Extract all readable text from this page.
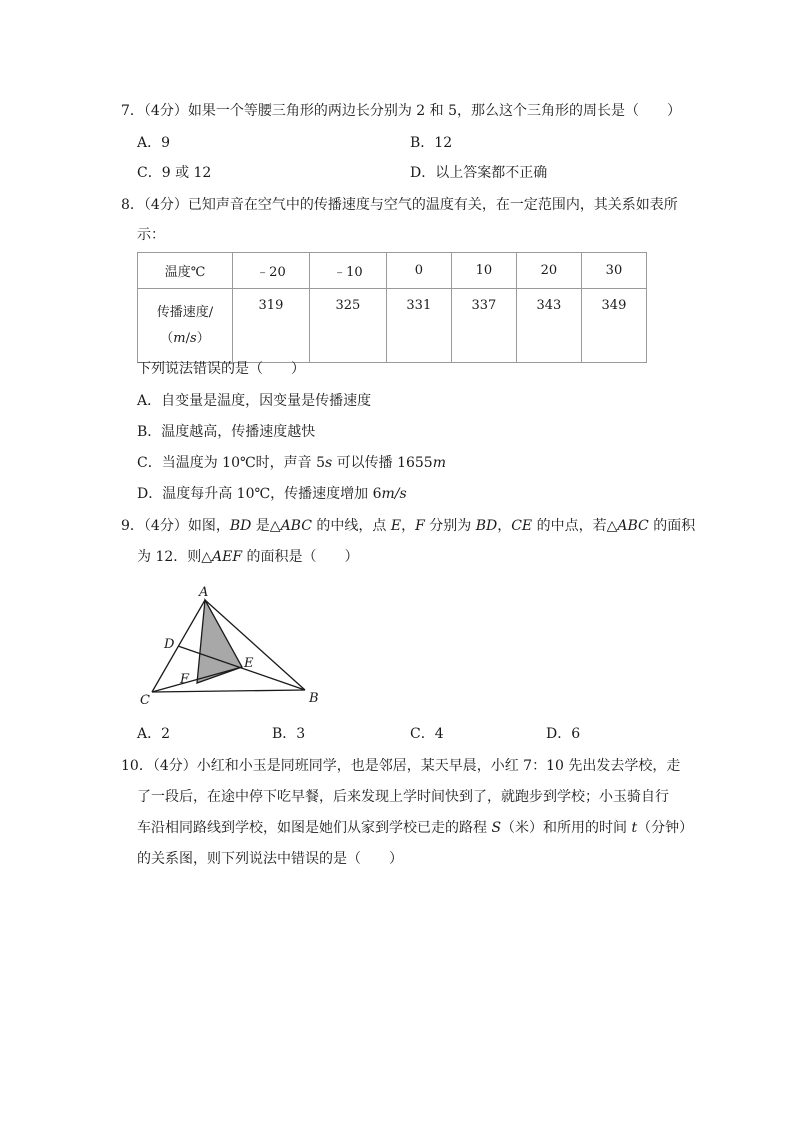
7．（4分）如果一个等腰三角形的两边长分别为 2 和 5，那么这个三角形的周长是（　　）
A．9	B．12
C．9 或 12	D．以上答案都不正确
8．（4分）已知声音在空气中的传播速度与空气的温度有关，在一定范围内，其关系如表所
示：
温度℃	﹣20	﹣10	0	10	20	30
传播速度/
（m/s）	319	325	331	337	343	349
下列说法错误的是（　　）
A．自变量是温度，因变量是传播速度
B．温度越高，传播速度越快
C．当温度为 10℃时，声音 5s 可以传播 1655m
D．温度每升高 10℃，传播速度增加 6m/s
9．（4分）如图，BD 是△ABC 的中线，点 E，F 分别为 BD，CE 的中点，若△ABC 的面积
为 12．则△AEF 的面积是（　　）
A
D
E
F
C	B
A．2	B．3	C．4	D．6
10．（4分）小红和小玉是同班同学，也是邻居，某天早晨，小红 7：10 先出发去学校，走
了一段后，在途中停下吃早餐，后来发现上学时间快到了，就跑步到学校；小玉骑自行
车沿相同路线到学校，如图是她们从家到学校已走的路程 S（米）和所用的时间 t（分钟）
的关系图，则下列说法中错误的是（　　）
